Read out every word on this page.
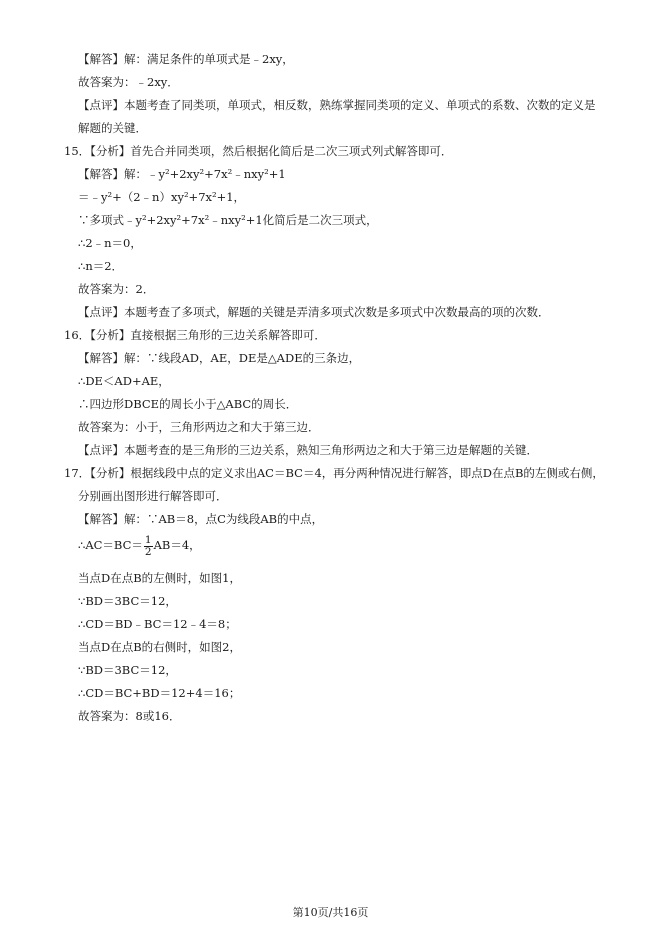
【解答】解：满足条件的单项式是﹣2xy，
故答案为：﹣2xy．
【点评】本题考查了同类项，单项式，相反数，熟练掌握同类项的定义、单项式的系数、次数的定义是
解题的关键．
15．【分析】首先合并同类项，然后根据化简后是二次三项式列式解答即可．
【解答】解：﹣y²+2xy²+7x²﹣nxy²+1
＝﹣y²+（2﹣n）xy²+7x²+1，
∵多项式﹣y²+2xy²+7x²﹣nxy²+1化简后是二次三项式，
∴2﹣n＝0，
∴n＝2．
故答案为：2．
【点评】本题考查了多项式，解题的关键是弄清多项式次数是多项式中次数最高的项的次数．
16．【分析】直接根据三角形的三边关系解答即可．
【解答】解：∵线段AD，AE，DE是△ADE的三条边，
∴DE＜AD+AE，
∴四边形DBCE的周长小于△ABC的周长．
故答案为：小于，三角形两边之和大于第三边．
【点评】本题考查的是三角形的三边关系，熟知三角形两边之和大于第三边是解题的关键．
17．【分析】根据线段中点的定义求出AC＝BC＝4，再分两种情况进行解答，即点D在点B的左侧或右侧，
分别画出图形进行解答即可．
【解答】解：∵AB＝8，点C为线段AB的中点，
∴AC＝BC＝ $\frac{1}{2} AB=4$，
当点D在点B的左侧时，如图1，
∵BD＝3BC＝12，
∴CD＝BD﹣BC＝12﹣4＝8；
当点D在点B的右侧时，如图2，
∵BD＝3BC＝12，
∴CD＝BC+BD＝12+4＝16；
故答案为：8或16．
第10页/共16页
